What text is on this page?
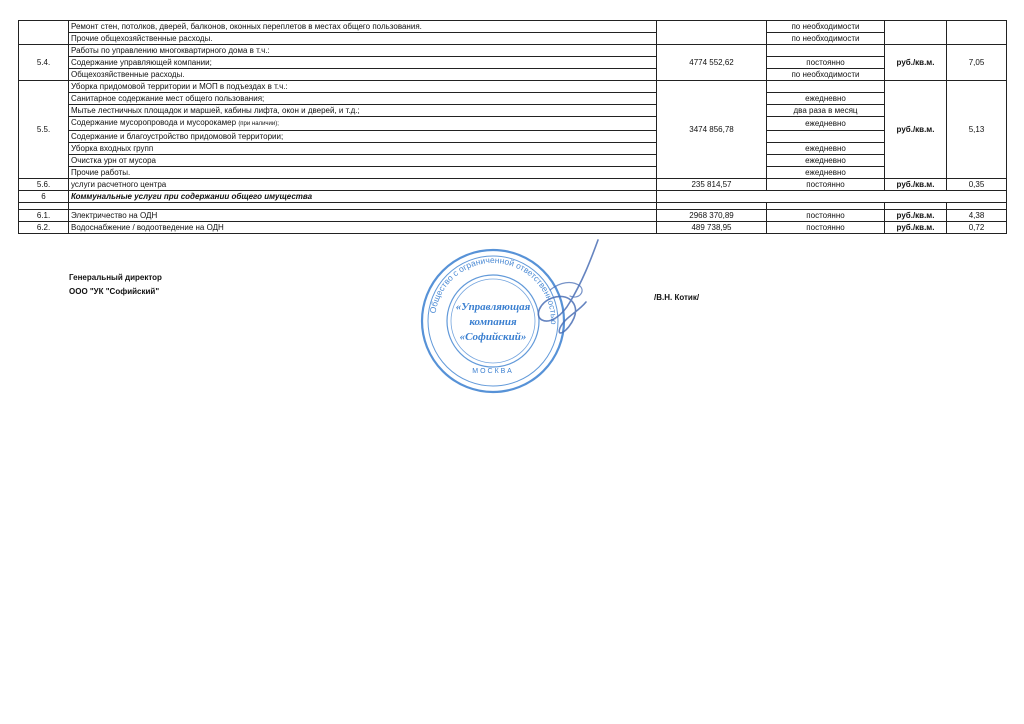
	Ремонт стен, потолков, дверей, балконов, оконных переплетов в местах общего пользования.		по необходимости		
	Прочие общехозяйственные расходы.		по необходимости		
5.4.	Работы по управлению многоквартирного дома в т.ч.:	4774 552,62		руб./кв.м.	7,05
	Содержание управляющей компании;		постоянно		
	Общехозяйственные расходы.		по необходимости		
5.5.	Уборка придомовой территории и МОП в подъездах в т.ч.:	3474 856,78		руб./кв.м.	5,13
	Санитарное содержание мест общего пользования;		ежедневно		
	Мытье лестничных площадок и маршей, кабины лифта, окон и дверей, и т.д.;		два раза в месяц		
	Содержание мусоропровода и мусорокамер (при наличии);		ежедневно		
	Содержание и благоустройство придомовой территории;				
	Уборка входных групп		ежедневно		
	Очистка урн от мусора		ежедневно		
	Прочие работы.		ежедневно		
5.6.	услуги расчетного центра	235 814,57	постоянно	руб./кв.м.	0,35
6	Коммунальные услуги при содержании общего имущества				

6.1.	Электричество на ОДН	2968 370,89	постоянно	руб./кв.м.	4,38
6.2.	Водоснабжение / водоотведение на ОДН	489 738,95	постоянно	руб./кв.м.	0,72
Генеральный директор
ООО "УК "Софийский"
/В.Н. Котик/
Общество с ограниченной ответственностью
МОСКВА
«Управляющая
компания
«Софийский»
